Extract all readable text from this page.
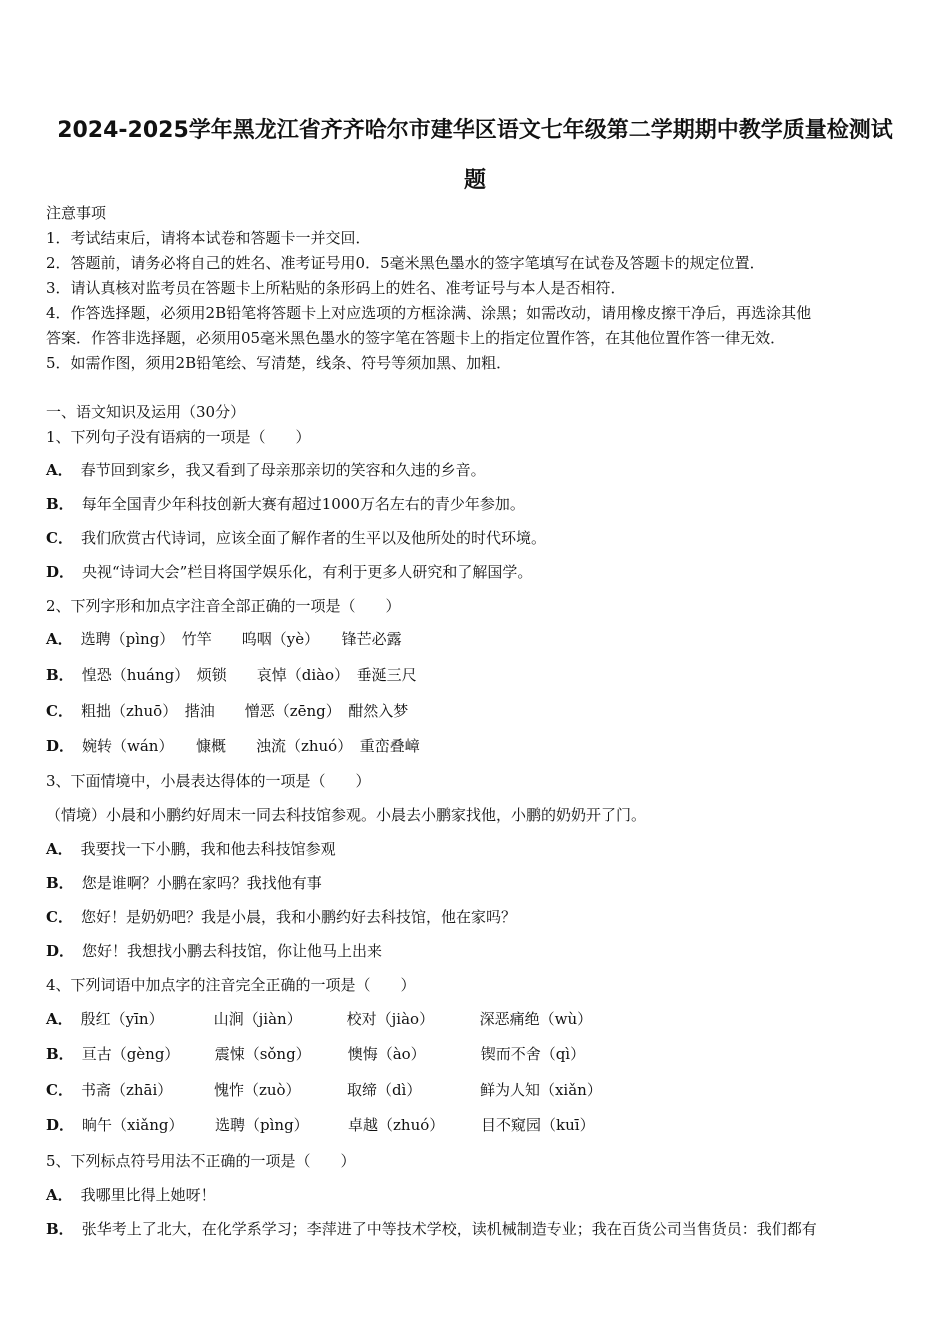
2024-2025学年黑龙江省齐齐哈尔市建华区语文七年级第二学期期中教学质量检测试
题
注意事项
1．考试结束后，请将本试卷和答题卡一并交回．
2．答题前，请务必将自己的姓名、准考证号用0．5毫米黑色墨水的签字笔填写在试卷及答题卡的规定位置．
3．请认真核对监考员在答题卡上所粘贴的条形码上的姓名、准考证号与本人是否相符．
4．作答选择题，必须用2B铅笔将答题卡上对应选项的方框涂满、涂黑；如需改动，请用橡皮擦干净后，再选涂其他
答案．作答非选择题，必须用05毫米黑色墨水的签字笔在答题卡上的指定位置作答，在其他位置作答一律无效．
5．如需作图，须用2B铅笔绘、写清楚，线条、符号等须加黑、加粗．
一、语文知识及运用（30分）
1、下列句子没有语病的一项是（　　）
A． 春节回到家乡，我又看到了母亲那亲切的笑容和久违的乡音。
B． 每年全国青少年科技创新大赛有超过1000万名左右的青少年参加。
C． 我们欣赏古代诗词，应该全面了解作者的生平以及他所处的时代环境。
D． 央视“诗词大会”栏目将国学娱乐化，有利于更多人研究和了解国学。
2、下列字形和加点字注音全部正确的一项是（　　）
A． 选聘（pìng）　竹竿　　呜咽（yè）　　锋芒必露
B． 惶恐（huáng）　烦锁　　哀悼（diào）　垂涎三尺
C． 粗拙（zhuō）　揩油　　憎恶（zēng）　酣然入梦
D． 婉转（wán）　　慷概　　浊流（zhuó）　重峦叠嶂
3、下面情境中，小晨表达得体的一项是（　　）
（情境）小晨和小鹏约好周末一同去科技馆参观。小晨去小鹏家找他，小鹏的奶奶开了门。
A． 我要找一下小鹏，我和他去科技馆参观
B． 您是谁啊？小鹏在家吗？我找他有事
C． 您好！是奶奶吧？我是小晨，我和小鹏约好去科技馆，他在家吗？
D． 您好！我想找小鹏去科技馆，你让他马上出来
4、下列词语中加点字的注音完全正确的一项是（　　）
A． 殷红（yīn）	山涧（jiàn）	校对（jiào）	深恶痛绝（wù）
B． 亘古（gèng） 震悚（sǒng） 懊悔（ào）	锲而不舍（qì）
C． 书斋（zhāi）	愧怍（zuò）	取缔（dì）	鲜为人知（xiǎn）
D． 晌午（xiǎng） 选聘（pìng）	卓越（zhuó） 目不窥园（kuī）
5、下列标点符号用法不正确的一项是（　　）
A． 我哪里比得上她呀！
B． 张华考上了北大，在化学系学习；李萍进了中等技术学校，读机械制造专业；我在百货公司当售货员：我们都有
